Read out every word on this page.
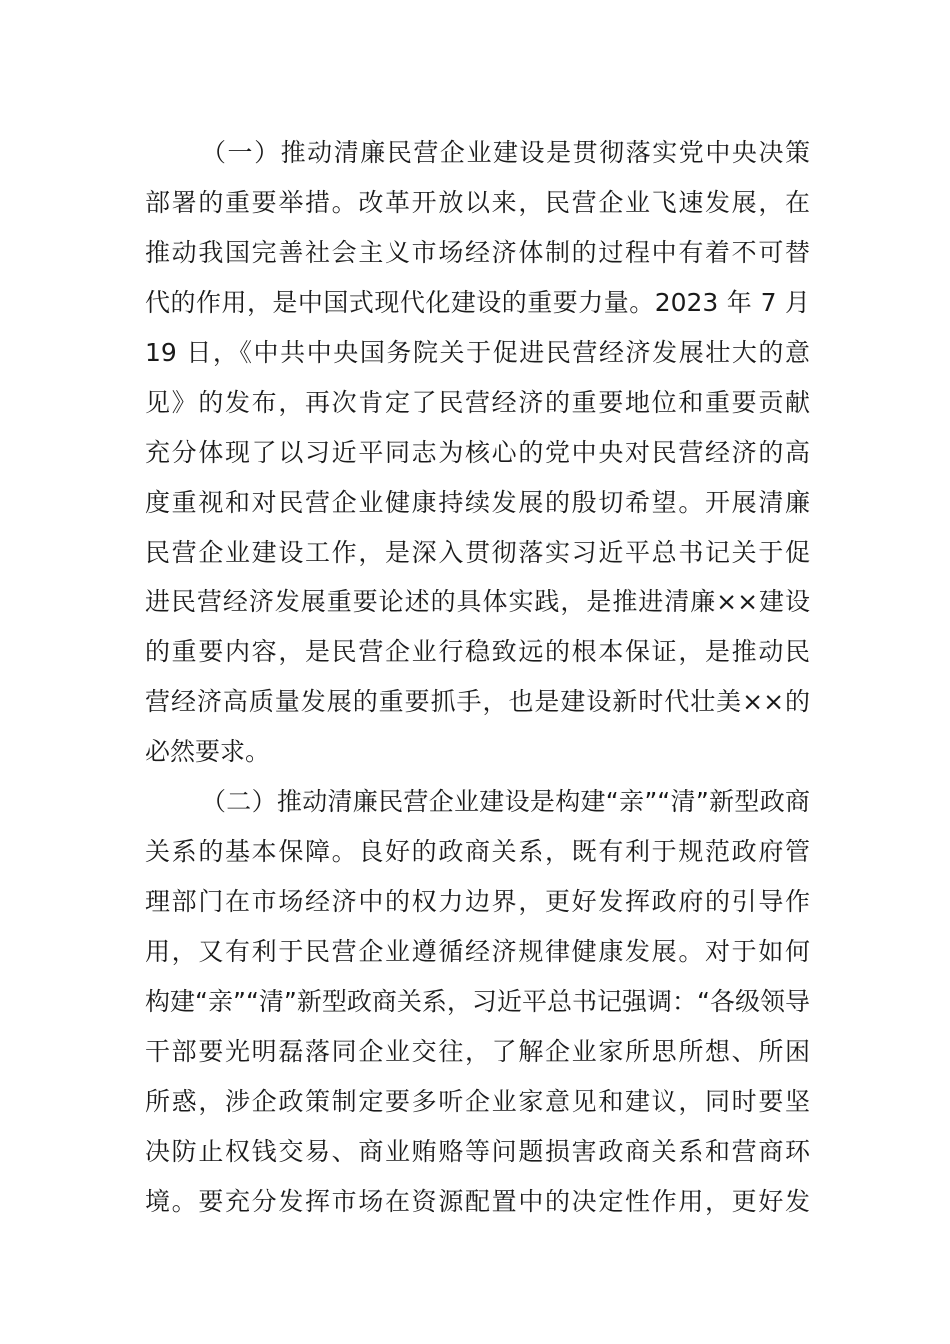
（一）推动清廉民营企业建设是贯彻落实党中央决策
部署的重要举措。改革开放以来，民营企业飞速发展，在
推动我国完善社会主义市场经济体制的过程中有着不可替
代的作用，是中国式现代化建设的重要力量。2023 年 7 月
19 日，《中共中央国务院关于促进民营经济发展壮大的意
见》的发布，再次肯定了民营经济的重要地位和重要贡献
充分体现了以习近平同志为核心的党中央对民营经济的高
度重视和对民营企业健康持续发展的殷切希望。开展清廉
民营企业建设工作，是深入贯彻落实习近平总书记关于促
进民营经济发展重要论述的具体实践，是推进清廉××建设
的重要内容，是民营企业行稳致远的根本保证，是推动民
营经济高质量发展的重要抓手，也是建设新时代壮美××的
必然要求。
（二）推动清廉民营企业建设是构建“亲”“清”新型政商
关系的基本保障。良好的政商关系，既有利于规范政府管
理部门在市场经济中的权力边界，更好发挥政府的引导作
用，又有利于民营企业遵循经济规律健康发展。对于如何
构建“亲”“清”新型政商关系，习近平总书记强调：“各级领导
干部要光明磊落同企业交往，了解企业家所思所想、所困
所惑，涉企政策制定要多听企业家意见和建议，同时要坚
决防止权钱交易、商业贿赂等问题损害政商关系和营商环
境。要充分发挥市场在资源配置中的决定性作用，更好发
